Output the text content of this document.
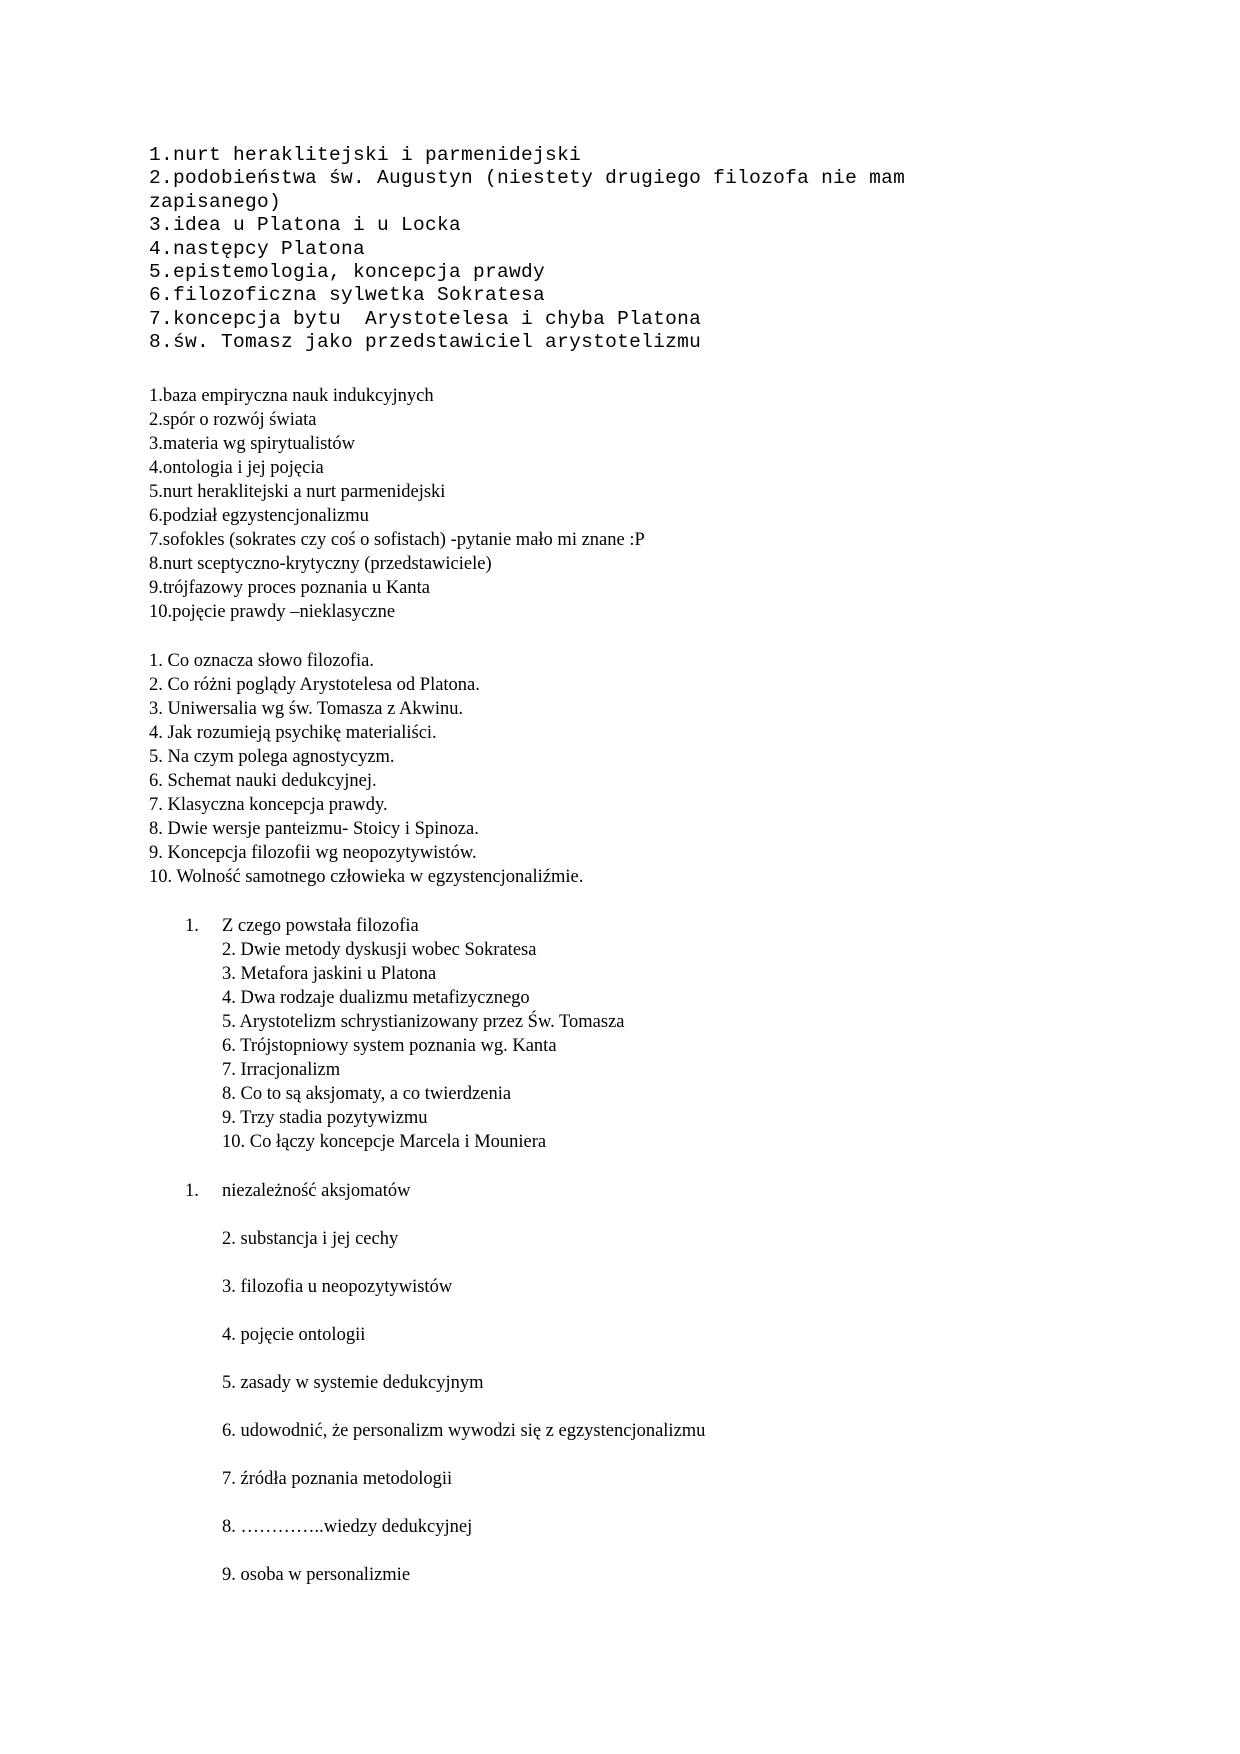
1.nurt heraklitejski i parmenidejski
2.podobieństwa św. Augustyn (niestety drugiego filozofa nie mam
zapisanego)
3.idea u Platona i u Locka
4.następcy Platona
5.epistemologia, koncepcja prawdy
6.filozoficzna sylwetka Sokratesa
7.koncepcja bytu  Arystotelesa i chyba Platona
8.św. Tomasz jako przedstawiciel arystotelizmu
1.baza empiryczna nauk indukcyjnych
2.spór o rozwój świata
3.materia wg spirytualistów
4.ontologia i jej pojęcia
5.nurt heraklitejski a nurt parmenidejski
6.podział egzystencjonalizmu
7.sofokles (sokrates czy coś o sofistach) -pytanie mało mi znane :P
8.nurt sceptyczno-krytyczny (przedstawiciele)
9.trójfazowy proces poznania u Kanta
10.pojęcie prawdy –nieklasyczne
1. Co oznacza słowo filozofia.
2. Co różni poglądy Arystotelesa od Platona.
3. Uniwersalia wg św. Tomasza z Akwinu.
4. Jak rozumieją psychikę materialiści.
5. Na czym polega agnostycyzm.
6. Schemat nauki dedukcyjnej.
7. Klasyczna koncepcja prawdy.
8. Dwie wersje panteizmu- Stoicy i Spinoza.
9. Koncepcja filozofii wg neopozytywistów.
10. Wolność samotnego człowieka w egzystencjonaliźmie.
1. Z czego powstała filozofia
2. Dwie metody dyskusji wobec Sokratesa
3. Metafora jaskini u Platona
4. Dwa rodzaje dualizmu metafizycznego
5. Arystotelizm schrystianizowany przez Św. Tomasza
6. Trójstopniowy system poznania wg. Kanta
7. Irracjonalizm
8. Co to są aksjomaty, a co twierdzenia
9. Trzy stadia pozytywizmu
10. Co łączy koncepcje Marcela i Mouniera
1. niezależność aksjomatów
2. substancja i jej cechy
3. filozofia u neopozytywistów
4. pojęcie ontologii
5. zasady w systemie dedukcyjnym
6. udowodnić, że personalizm wywodzi się z egzystencjonalizmu
7. źródła poznania metodologii
8. …………..wiedzy dedukcyjnej
9. osoba w personalizmie
